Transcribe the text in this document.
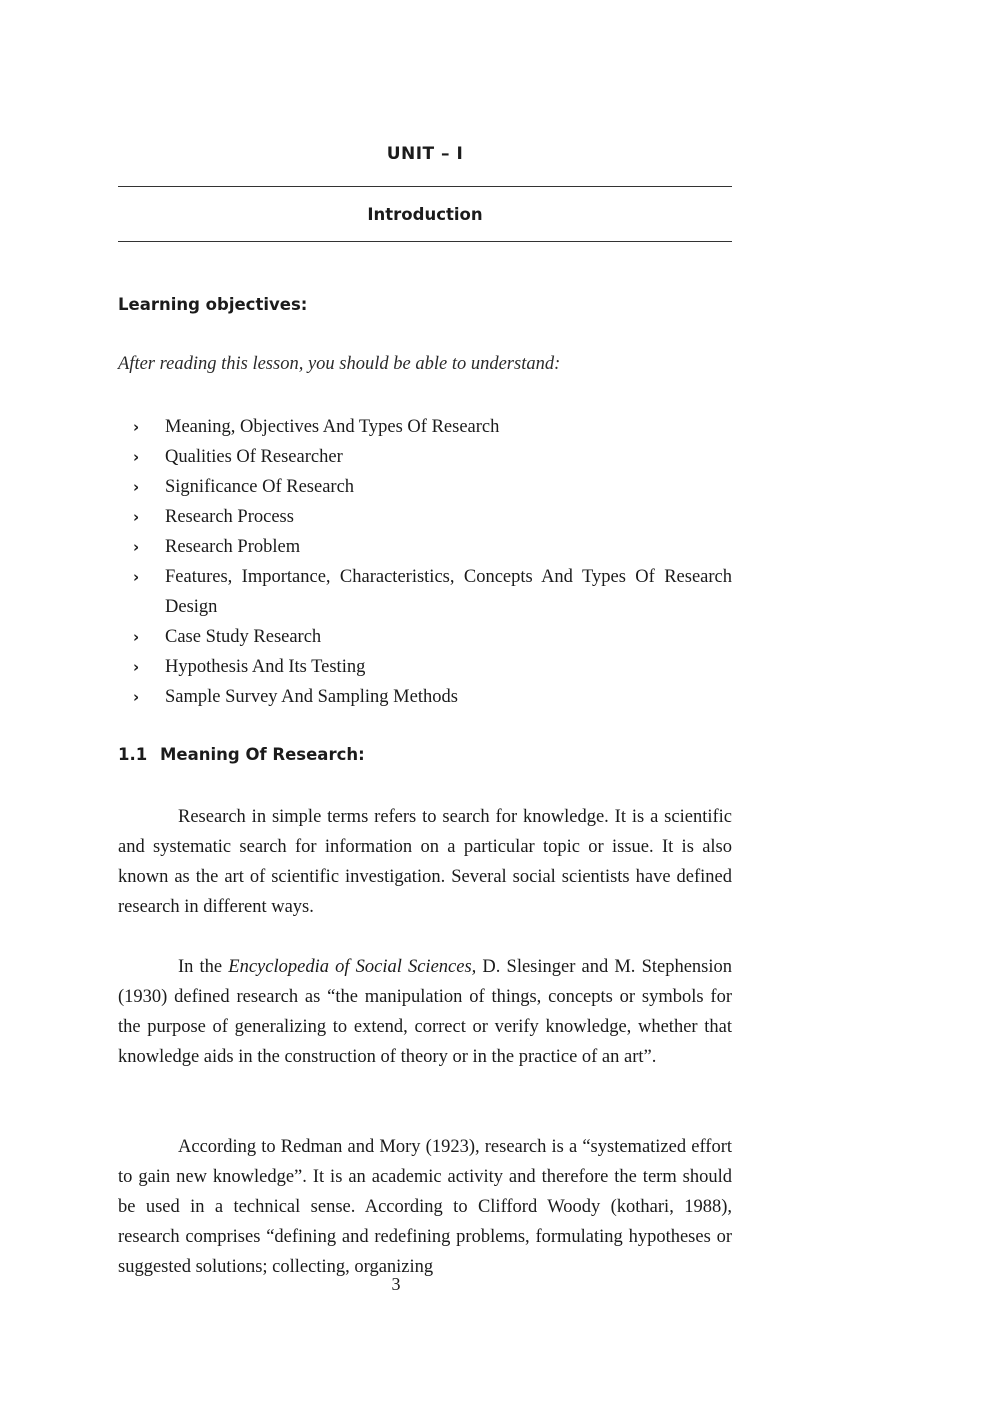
UNIT – I
Introduction
Learning objectives:
After reading this lesson, you should be able to understand:
› Meaning, Objectives And Types Of Research
› Qualities Of Researcher
› Significance Of Research
› Research Process
› Research Problem
› Features, Importance, Characteristics, Concepts And Types Of Research Design
› Case Study Research
› Hypothesis And Its Testing
› Sample Survey And Sampling Methods
1.1 Meaning Of Research:

Research in simple terms refers to search for knowledge. It is a scientific and systematic search for information on a particular topic or issue. It is also known as the art of scientific investigation. Several social scientists have defined research in different ways.

In the Encyclopedia of Social Sciences, D. Slesinger and M. Stephension (1930) defined research as “the manipulation of things, concepts or symbols for the purpose of generalizing to extend, correct or verify knowledge, whether that knowledge aids in the construction of theory or in the practice of an art”.

According to Redman and Mory (1923), research is a “systematized effort to gain new knowledge”. It is an academic activity and therefore the term should be used in a technical sense. According to Clifford Woody (kothari, 1988), research comprises “defining and redefining problems, formulating hypotheses or suggested solutions; collecting, organizing

3
